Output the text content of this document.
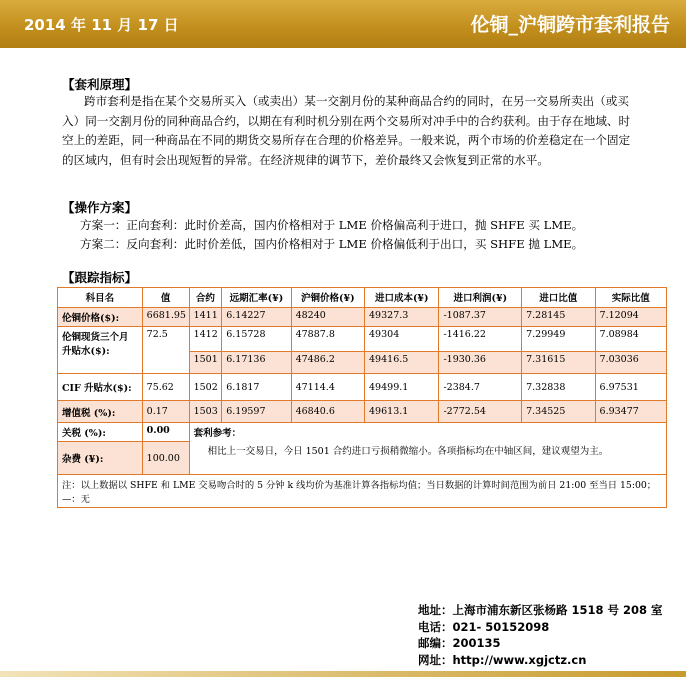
2014 年 11 月 17 日	伦铜_沪铜跨市套利报告
【套利原理】

跨市套利是指在某个交易所买入（或卖出）某一交割月份的某种商品合约的同时，在另一交易所卖出（或买入）同一交割月份的同种商品合约，以期在有利时机分别在两个交易所对冲手中的合约获利。由于存在地域、时空上的差距，同一种商品在不同的期货交易所存在合理的价格差异。一般来说，两个市场的价差稳定在一个固定的区域内，但有时会出现短暂的异常。在经济规律的调节下，差价最终又会恢复到正常的水平。

【操作方案】
方案一：正向套利：此时价差高，国内价格相对于 LME 价格偏高利于进口，抛 SHFE 买 LME。
方案二：反向套利：此时价差低，国内价格相对于 LME 价格偏低利于出口，买 SHFE 抛 LME。
【跟踪指标】
科目名	值	合约	远期汇率(¥)	沪铜价格(¥)	进口成本(¥)	进口利润(¥)	进口比值	实际比值
伦铜价格($):	6681.95	1411	6.14227	48240	49327.3	-1087.37	7.28145	7.12094
伦铜现货三个月升贴水($):	72.5	1412	6.15728	47887.8	49304	-1416.22	7.29949	7.08984
		1501	6.17136	47486.2	49416.5	-1930.36	7.31615	7.03036
CIF 升贴水($):	75.62	1502	6.1817	47114.4	49499.1	-2384.7	7.32838	6.97531
增值税 (%):	0.17	1503	6.19597	46840.6	49613.1	-2772.54	7.34525	6.93477
关税 (%):	0.00	套利参考：
相比上一交易日，今日 1501 合约进口亏损稍微缩小。各项指标均在中轴区间，建议观望为主。						

杂费 (¥):	100.00							
注：以上数据以 SHFE 和 LME 交易吻合时的 5 分钟 k 线均价为基准计算各指标均值；当日数据的计算时间范围为前日 21:00 至当日 15:00；—：无								
地址：上海市浦东新区张杨路 1518 号 208 室
电话：021- 50152098
邮编：200135
网址：http://www.xgjctz.cn
